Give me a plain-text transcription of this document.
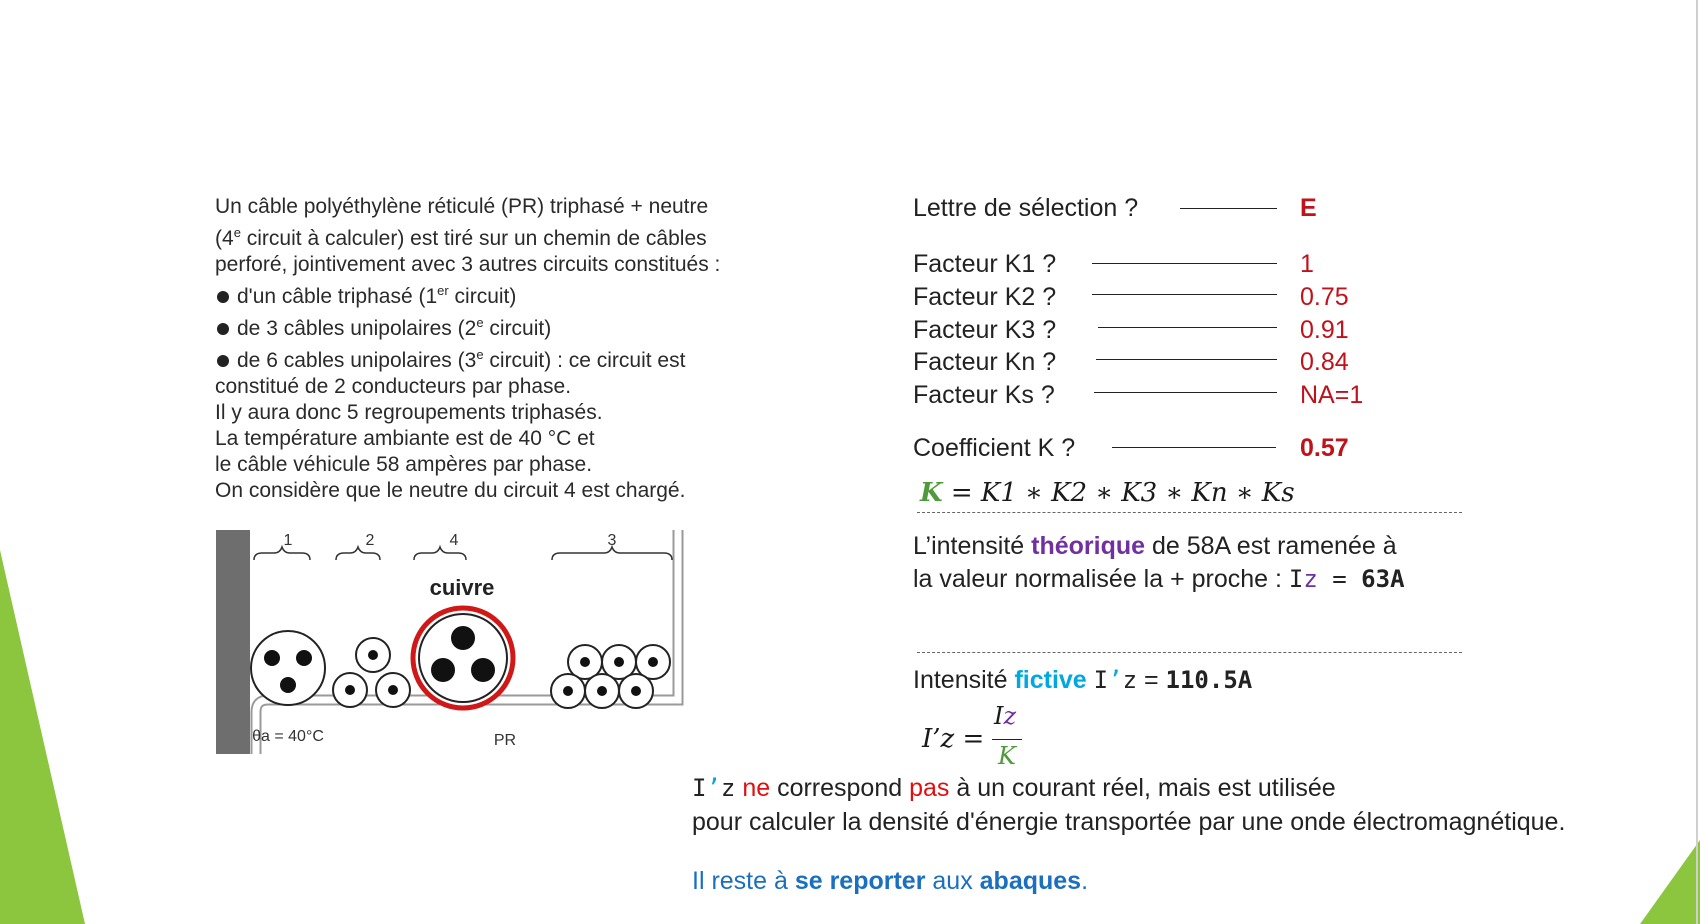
Un câble polyéthylène réticulé (PR) triphasé + neutre
(4e circuit à calculer) est tiré sur un chemin de câbles
perforé, jointivement avec 3 autres circuits constitués :
d'un câble triphasé (1er circuit)
de 3 câbles unipolaires (2e circuit)
de 6 cables unipolaires (3e circuit) : ce circuit est
constitué de 2 conducteurs par phase.
Il y aura donc 5 regroupements triphasés.
La température ambiante est de 40 °C et
le câble véhicule 58 ampères par phase.
On considère que le neutre du circuit 4 est chargé.
1	2	4	3
cuivre
θa = 40°C	PR
Lettre de sélection ?	E
Facteur K1 ?	1
Facteur K2 ?	0.75
Facteur K3 ?	0.91
Facteur Kn ?	0.84
Facteur Ks ?	NA=1
Coefficient K ?	0.57
K = K1 ∗ K2 ∗ K3 ∗ Kn ∗ Ks
L’intensité théorique de 58A est ramenée à
la valeur normalisée la + proche : Iz = 63A
Intensité fictive I’z = 110.5A
I’z =
Iz
K
I’z ne correspond pas à un courant réel, mais est utilisée
pour calculer la densité d'énergie transportée par une onde électromagnétique.
Il reste à se reporter aux abaques.
